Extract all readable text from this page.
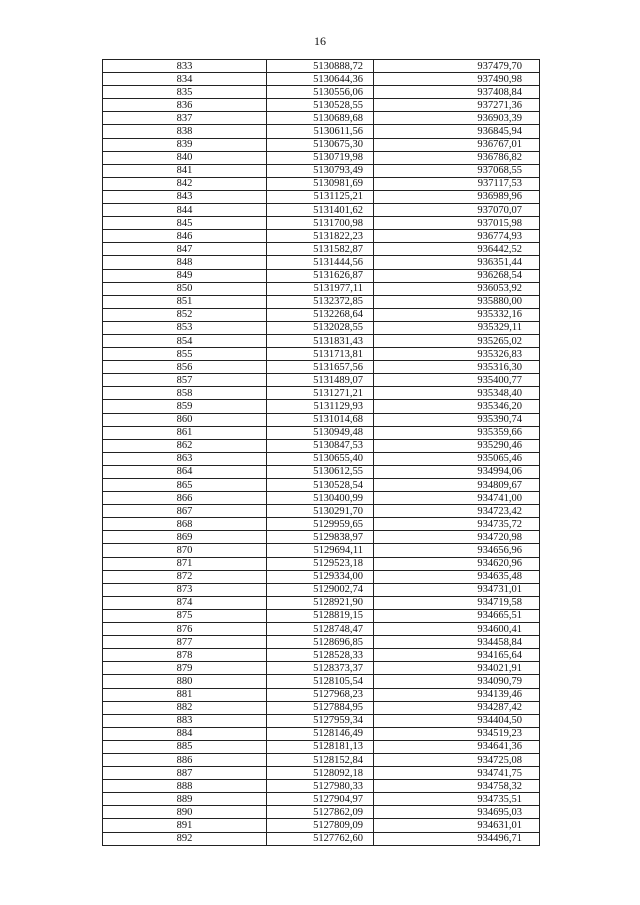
16
833	5130888,72	937479,70
834	5130644,36	937490,98
835	5130556,06	937408,84
836	5130528,55	937271,36
837	5130689,68	936903,39
838	5130611,56	936845,94
839	5130675,30	936767,01
840	5130719,98	936786,82
841	5130793,49	937068,55
842	5130981,69	937117,53
843	5131125,21	936989,96
844	5131401,62	937070,07
845	5131700,98	937015,98
846	5131822,23	936774,93
847	5131582,87	936442,52
848	5131444,56	936351,44
849	5131626,87	936268,54
850	5131977,11	936053,92
851	5132372,85	935880,00
852	5132268,64	935332,16
853	5132028,55	935329,11
854	5131831,43	935265,02
855	5131713,81	935326,83
856	5131657,56	935316,30
857	5131489,07	935400,77
858	5131271,21	935348,40
859	5131129,93	935346,20
860	5131014,68	935390,74
861	5130949,48	935359,66
862	5130847,53	935290,46
863	5130655,40	935065,46
864	5130612,55	934994,06
865	5130528,54	934809,67
866	5130400,99	934741,00
867	5130291,70	934723,42
868	5129959,65	934735,72
869	5129838,97	934720,98
870	5129694,11	934656,96
871	5129523,18	934620,96
872	5129334,00	934635,48
873	5129002,74	934731,01
874	5128921,90	934719,58
875	5128819,15	934665,51
876	5128748,47	934600,41
877	5128696,85	934458,84
878	5128528,33	934165,64
879	5128373,37	934021,91
880	5128105,54	934090,79
881	5127968,23	934139,46
882	5127884,95	934287,42
883	5127959,34	934404,50
884	5128146,49	934519,23
885	5128181,13	934641,36
886	5128152,84	934725,08
887	5128092,18	934741,75
888	5127980,33	934758,32
889	5127904,97	934735,51
890	5127862,09	934695,03
891	5127809,09	934631,01
892	5127762,60	934496,71
